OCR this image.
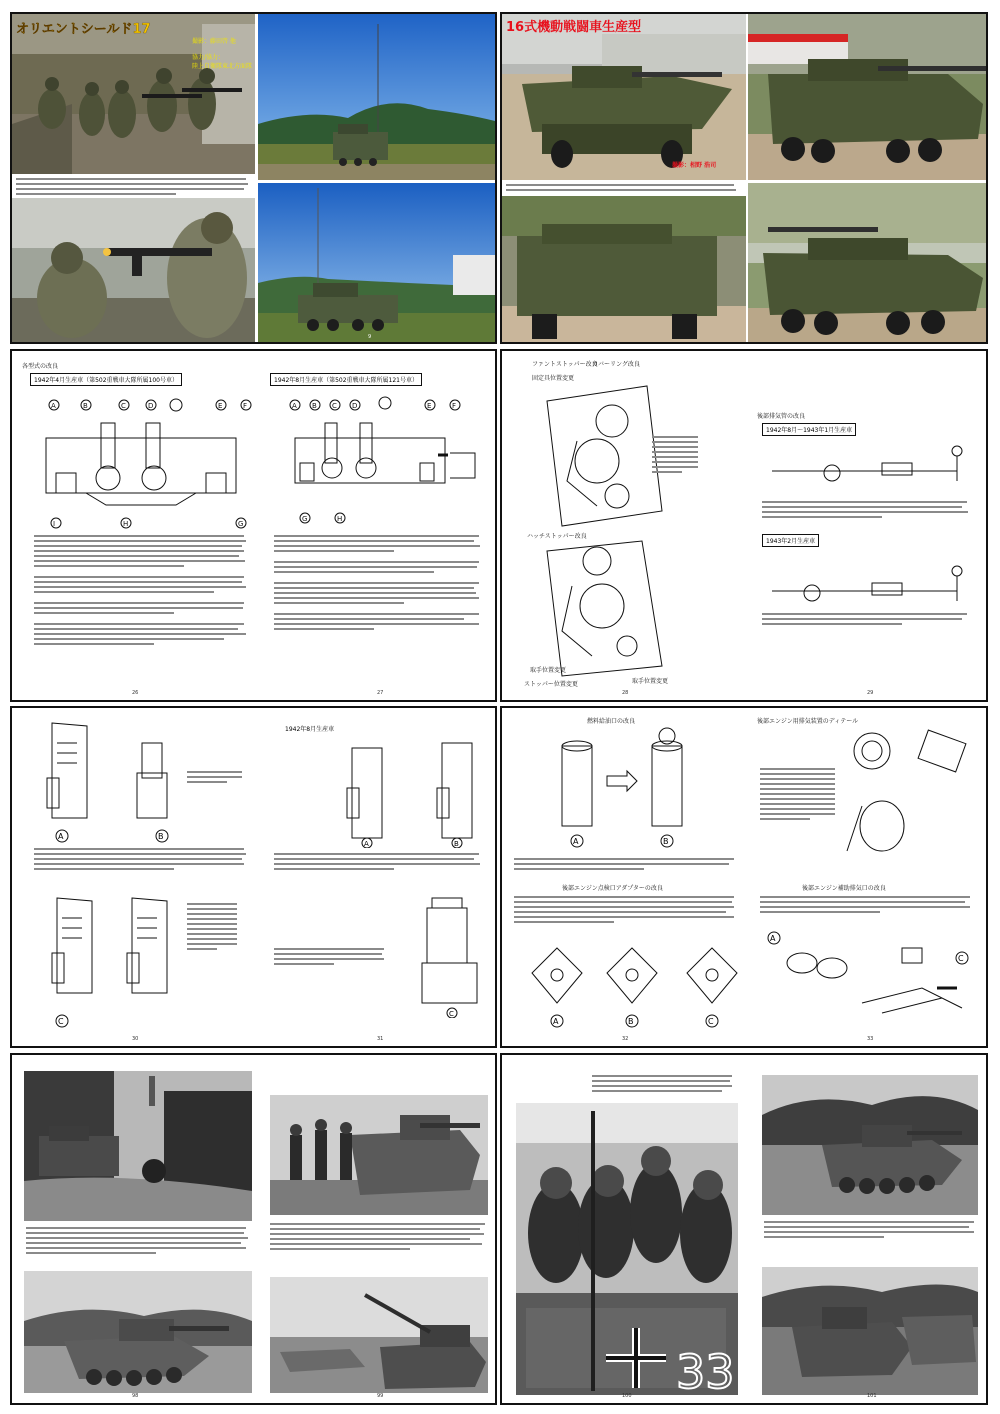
オリエントシールド17
撮影：藤田啓 他
協力/協力：
陸上自衛隊東北方面隊
9
16式機動戦闘車生産型
撮影：相野 浩司
各型式の改良
1942年4月生産車（第502重戦車大隊所属100号車）	1942年8月生産車（第502重戦車大隊所属121号車）
A	B	C	D	E	F
G
H
I
A B C D	E	F
G	H
26	27
ファントストッパー改良
カバーリング改良
固定具位置変更
ハッチストッパー改良
取手位置変更
ストッパー位置変更	取手位置変更
後部排気管の改良
1942年8月〜1943年1月生産車
1943年2月生産車
28	29
A	B
C
1942年8月生産車
A	B
C
30	31
燃料給油口の改良
A	B
後部エンジン点検口アダプターの改良
A	B	C
後部エンジン用排気装置のディテール
後部エンジン補助排気口の改良
A
C
32	33
98	99	33
100	101
